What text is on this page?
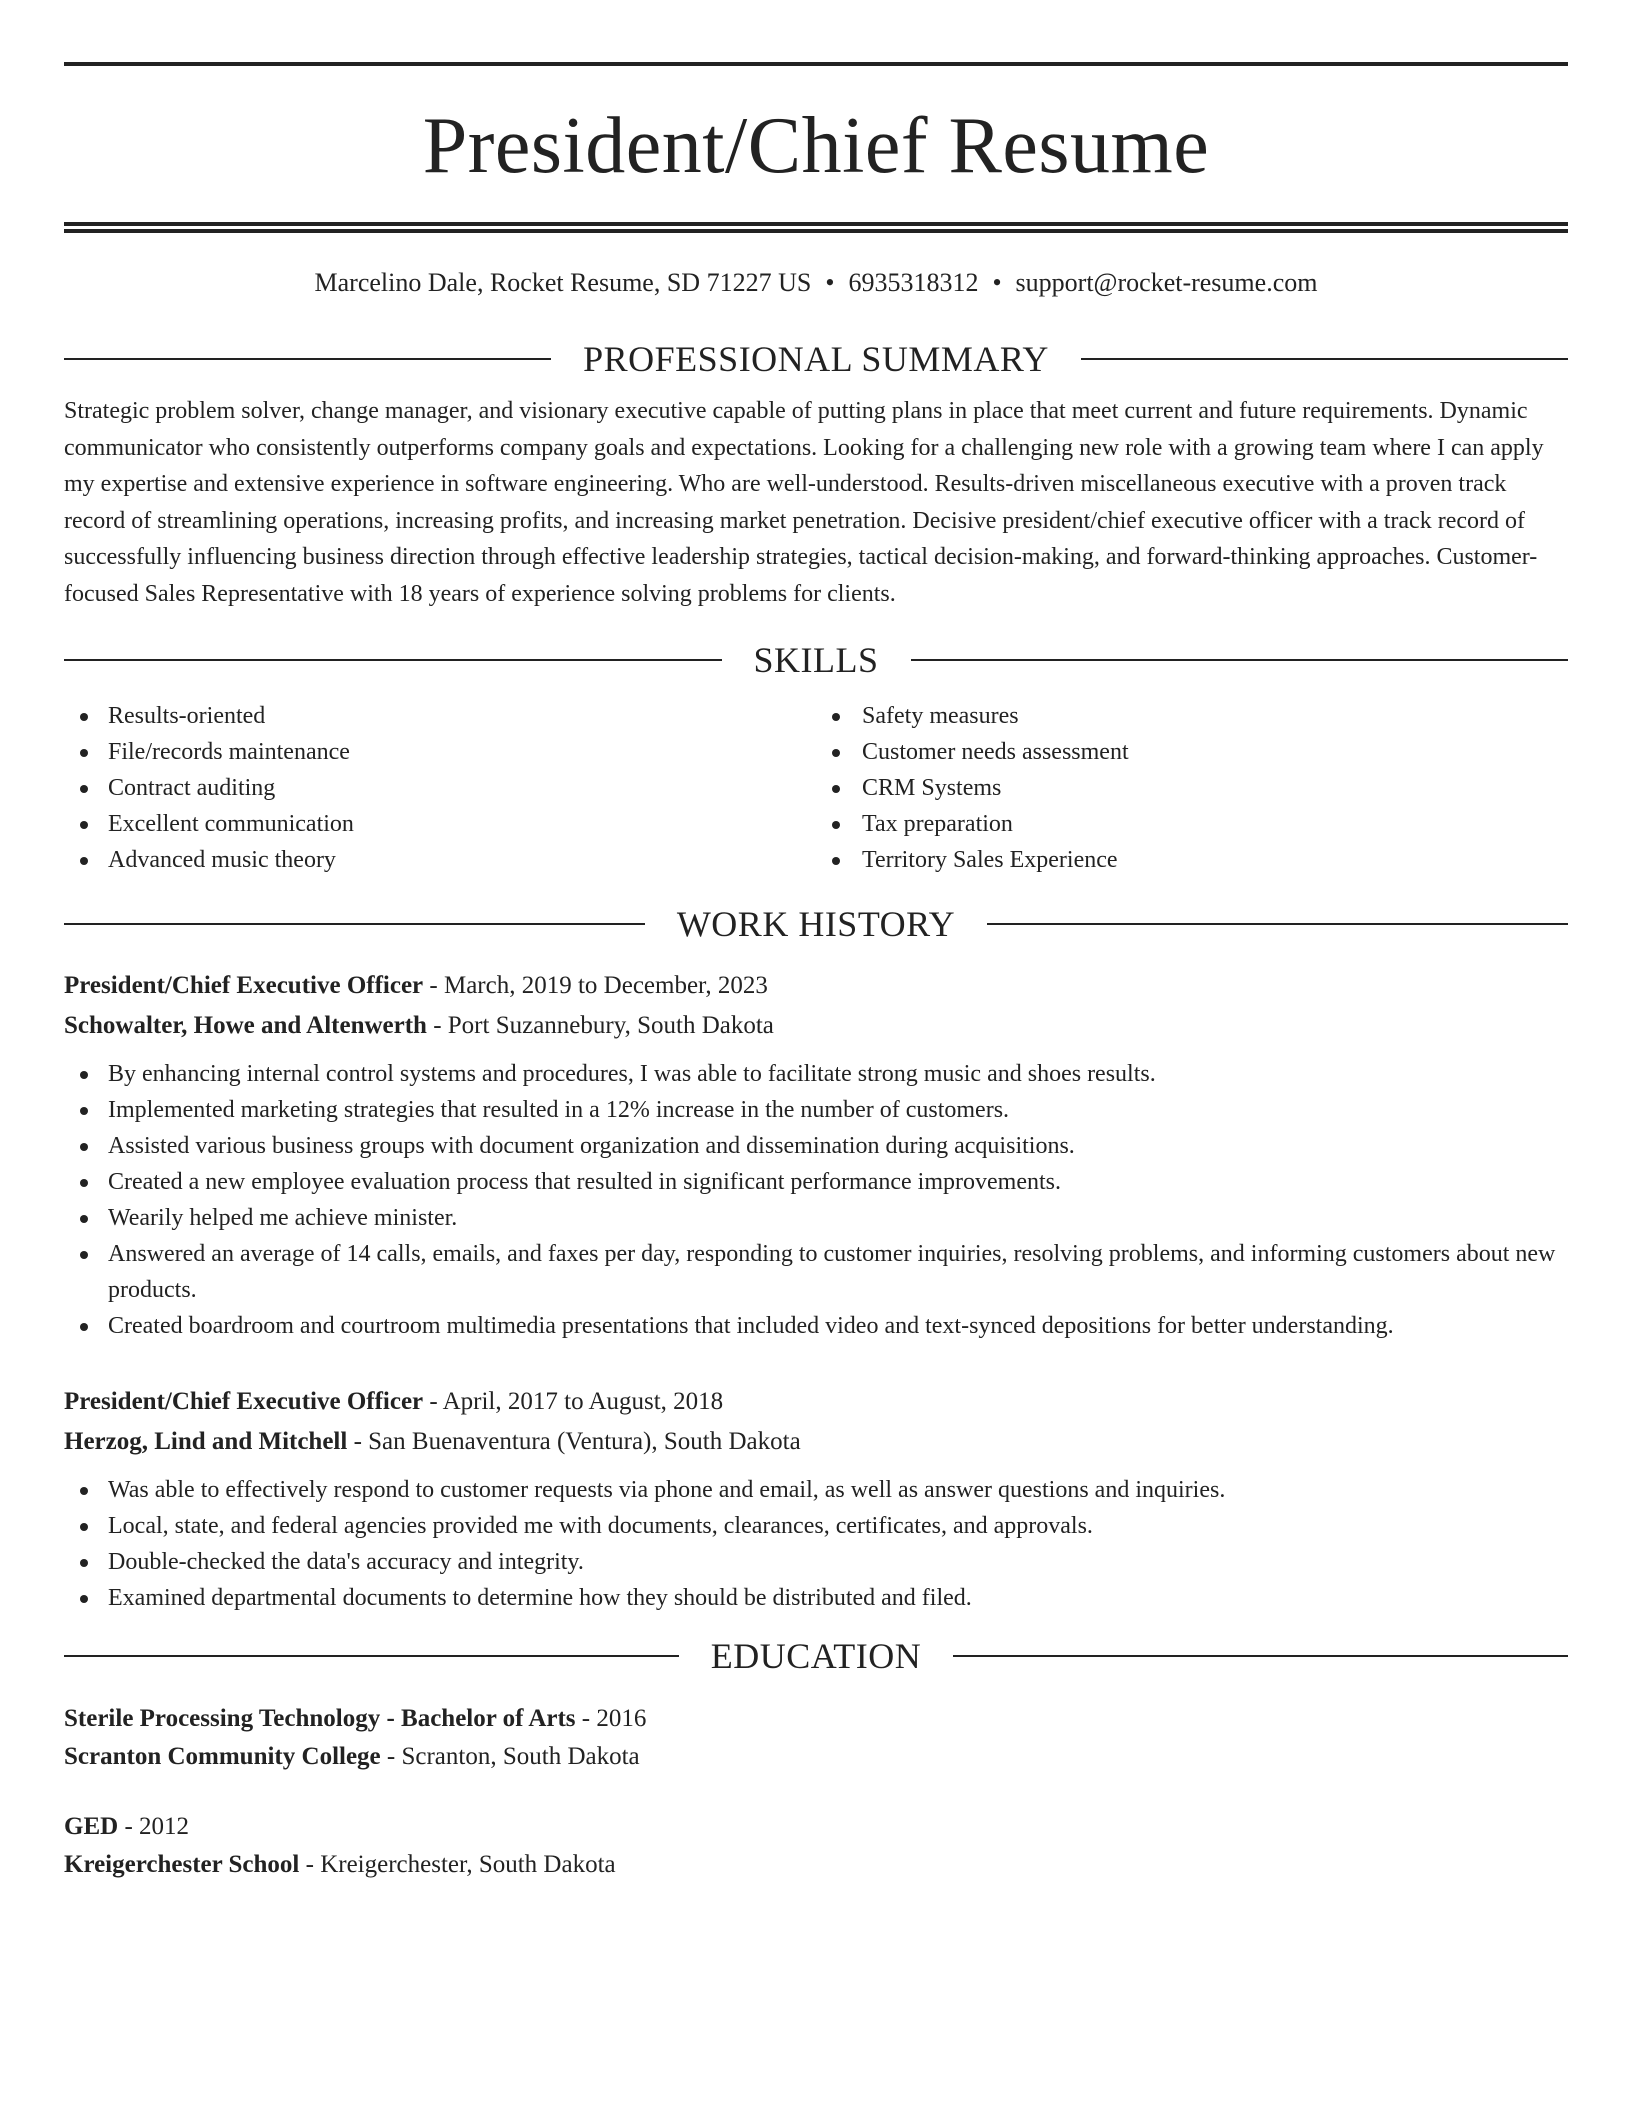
President/Chief Resume
Marcelino Dale, Rocket Resume, SD 71227 US • 6935318312 • support@rocket-resume.com
PROFESSIONAL SUMMARY

Strategic problem solver, change manager, and visionary executive capable of putting plans in place that meet current and future requirements. Dynamic communicator who consistently outperforms company goals and expectations. Looking for a challenging new role with a growing team where I can apply my expertise and extensive experience in software engineering. Who are well-understood. Results-driven miscellaneous executive with a proven track record of streamlining operations, increasing profits, and increasing market penetration. Decisive president/chief executive officer with a track record of successfully influencing business direction through effective leadership strategies, tactical decision-making, and forward-thinking approaches. Customer-focused Sales Representative with 18 years of experience solving problems for clients.

SKILLS
Results-oriented
File/records maintenance
Contract auditing
Excellent communication
Advanced music theory
Safety measures
Customer needs assessment
CRM Systems
Tax preparation
Territory Sales Experience
WORK HISTORY
President/Chief Executive Officer - March, 2019 to December, 2023
Schowalter, Howe and Altenwerth - Port Suzannebury, South Dakota
By enhancing internal control systems and procedures, I was able to facilitate strong music and shoes results.
Implemented marketing strategies that resulted in a 12% increase in the number of customers.
Assisted various business groups with document organization and dissemination during acquisitions.
Created a new employee evaluation process that resulted in significant performance improvements.
Wearily helped me achieve minister.
Answered an average of 14 calls, emails, and faxes per day, responding to customer inquiries, resolving problems, and informing customers about new products.
Created boardroom and courtroom multimedia presentations that included video and text-synced depositions for better understanding.
President/Chief Executive Officer - April, 2017 to August, 2018
Herzog, Lind and Mitchell - San Buenaventura (Ventura), South Dakota
Was able to effectively respond to customer requests via phone and email, as well as answer questions and inquiries.
Local, state, and federal agencies provided me with documents, clearances, certificates, and approvals.
Double-checked the data's accuracy and integrity.
Examined departmental documents to determine how they should be distributed and filed.
EDUCATION
Sterile Processing Technology - Bachelor of Arts - 2016
Scranton Community College - Scranton, South Dakota
GED - 2012
Kreigerchester School - Kreigerchester, South Dakota
